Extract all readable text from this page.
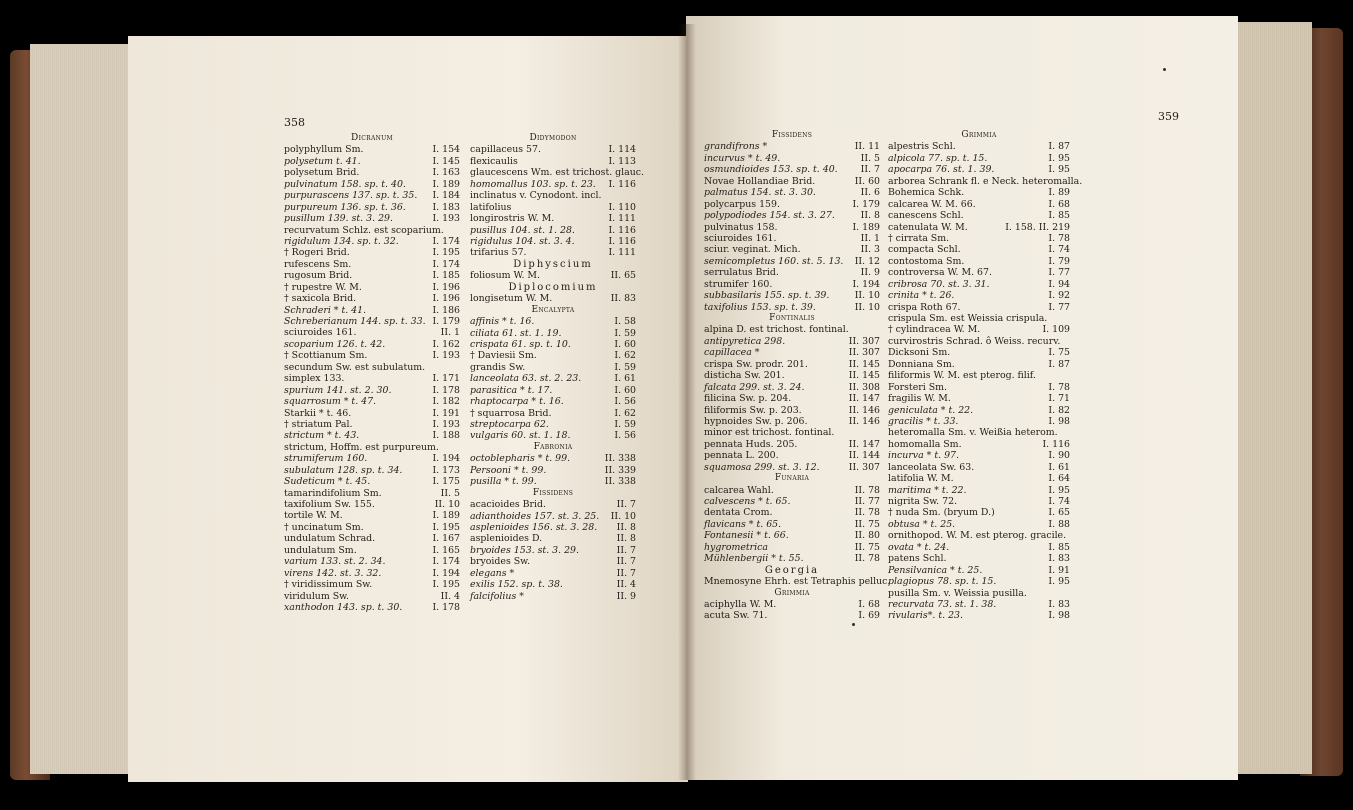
358
Dicranum
polyphyllum Sm.	I. 154
polysetum t. 41.	I. 145
polysetum Brid.	I. 163
pulvinatum 158. sp. t. 40.	I. 189
purpurascens 137. sp. t. 35. I. 184
purpureum 136. sp. t. 36.	I. 183
pusillum 139. st. 3. 29.	I. 193
recurvatum Schlz. est scoparium.
rigidulum 134. sp. t. 32.	I. 174
† Rogeri Brid.	I. 195
rufescens Sm.	I. 174
rugosum Brid.	I. 185
† rupestre W. M.	I. 196
† saxicola Brid.	I. 196
Schraderi * t. 41.	I. 186
Schreberianum 144. sp. t. 33. I. 179
sciuroides 161.	II. 1
scoparium 126. t. 42.	I. 162
† Scottianum Sm.	I. 193
secundum Sw. est subulatum.
simplex 133.	I. 171
spurium 141. st. 2. 30.	I. 178
squarrosum * t. 47.	I. 182
Starkii * t. 46.	I. 191
† striatum Pal.	I. 193
strictum * t. 43.	I. 188
strictum, Hoffm. est purpureum.
strumiferum 160.	I. 194
subulatum 128. sp. t. 34.	I. 173
Sudeticum * t. 45.	I. 175
tamarindifolium Sm.	II. 5
taxifolium Sw. 155.	II. 10
tortile W. M.	I. 189
† uncinatum Sm.	I. 195
undulatum Schrad.	I. 167
undulatum Sm.	I. 165
varium 133. st. 2. 34.	I. 174
virens 142. st. 3. 32.	I. 194
† viridissimum Sw.	I. 195
viridulum Sw.	II. 4
xanthodon 143. sp. t. 30.	I. 178
Didymodon
capillaceus 57.	I. 114
flexicaulis	I. 113
glaucescens Wm. est trichost. glauc.
homomallus 103. sp. t. 23. I. 116
inclinatus v. Cynodont. incl.
latifolius	I. 110
longirostris W. M.	I. 111
pusillus 104. st. 1. 28.	I. 116
rigidulus 104. st. 3. 4.	I. 116
trifarius 57.	I. 111
Diphyscium
foliosum W. M.	II. 65
Diplocomium
longisetum W. M.	II. 83
Encalypta
affinis * t. 16.	I. 58
ciliata 61. st. 1. 19.	I. 59
crispata 61. sp. t. 10.	I. 60
† Daviesii Sm.	I. 62
grandis Sw.	I. 59
lanceolata 63. st. 2. 23.	I. 61
parasitica * t. 17.	I. 60
rhaptocarpa * t. 16.	I. 56
† squarrosa Brid.	I. 62
streptocarpa 62.	I. 59
vulgaris 60. st. 1. 18.	I. 56
Fabronia
octoblepharis * t. 99.	II. 338
Persooni * t. 99.	II. 339
pusilla * t. 99.	II. 338
Fissidens
acacioides Brid.	II. 7
adianthoides 157. st. 3. 25. II. 10
asplenioides 156. st. 3. 28. II. 8
asplenioides D.	II. 8
bryoides 153. st. 3. 29.	II. 7
bryoides Sw.	II. 7
elegans *	II. 7
exilis 152. sp. t. 38.	II. 4
falcifolius *	II. 9
359
Fissidens
grandifrons *	II. 11
incurvus * t. 49.	II. 5
osmundioides 153. sp. t. 40. II. 7
Novae Hollandiae Brid.	II. 60
palmatus 154. st. 3. 30.	II. 6
polycarpus 159.	I. 179
polypodiodes 154. st. 3. 27.	II. 8
pulvinatus 158.	I. 189
sciuroides 161.	II. 1
sciur. veginat. Mich.	II. 3
semicompletus 160. st. 5. 13. II. 12
serrulatus Brid.	II. 9
strumifer 160.	I. 194
subbasilaris 155. sp. t. 39.	II. 10
taxifolius 153. sp. t. 39.	II. 10
Fontinalis
alpina D. est trichost. fontinal.
antipyretica 298.	II. 307
capillacea *	II. 307
crispa Sw. prodr. 201.	II. 145
disticha Sw. 201.	II. 145
falcata 299. st. 3. 24.	II. 308
filicina Sw. p. 204.	II. 147
filiformis Sw. p. 203.	II. 146
hypnoides Sw. p. 206.	II. 146
minor est trichost. fontinal.
pennata Huds. 205.	II. 147
pennata L. 200.	II. 144
squamosa 299. st. 3. 12.	II. 307
Funaria
calcarea Wahl.	II. 78
calvescens * t. 65.	II. 77
dentata Crom.	II. 78
flavicans * t. 65.	II. 75
Fontanesii * t. 66.	II. 80
hygrometrica	II. 75
Mühlenbergii * t. 55.	II. 78
Georgia
Mnemosyne Ehrh. est Tetraphis pelluc.
Grimmia
aciphylla W. M.	I. 68
acuta Sw. 71.	I. 69
Grimmia
alpestris Schl.	I. 87
alpicola 77. sp. t. 15.	I. 95
apocarpa 76. st. 1. 39.	I. 95
arborea Schrank fl. e Neck. heteromalla.
Bohemica Schk.	I. 89
calcarea W. M. 66.	I. 68
canescens Schl.	I. 85
catenulata W. M.	I. 158. II. 219
† cirrata Sm.	I. 78
compacta Schl.	I. 74
contostoma Sm.	I. 79
controversa W. M. 67.	I. 77
cribrosa 70. st. 3. 31.	I. 94
crinita * t. 26.	I. 92
crispa Roth 67.	I. 77
crispula Sm. est Weissia crispula.
† cylindracea W. M.	I. 109
curvirostris Schrad. ô Weiss. recurv.
Dicksoni Sm.	I. 75
Donniana Sm.	I. 87
filiformis W. M. est pterog. filif.
Forsteri Sm.	I. 78
fragilis W. M.	I. 71
geniculata * t. 22.	I. 82
gracilis * t. 33.	I. 98
heteromalla Sm. v. Weißia heterom.
homomalla Sm.	I. 116
incurva * t. 97.	I. 90
lanceolata Sw. 63.	I. 61
latifolia W. M.	I. 64
maritima * t. 22.	I. 95
nigrita Sw. 72.	I. 74
† nuda Sm. (bryum D.)	I. 65
obtusa * t. 25.	I. 88
ornithopod. W. M. est pterog. gracile.
ovata * t. 24.	I. 85
patens Schl.	I. 83
Pensilvanica * t. 25.	I. 91
plagiopus 78. sp. t. 15.	I. 95
pusilla Sm. v. Weissia pusilla.
recurvata 73. st. 1. 38.	I. 83
rivularis*. t. 23.	I. 98
